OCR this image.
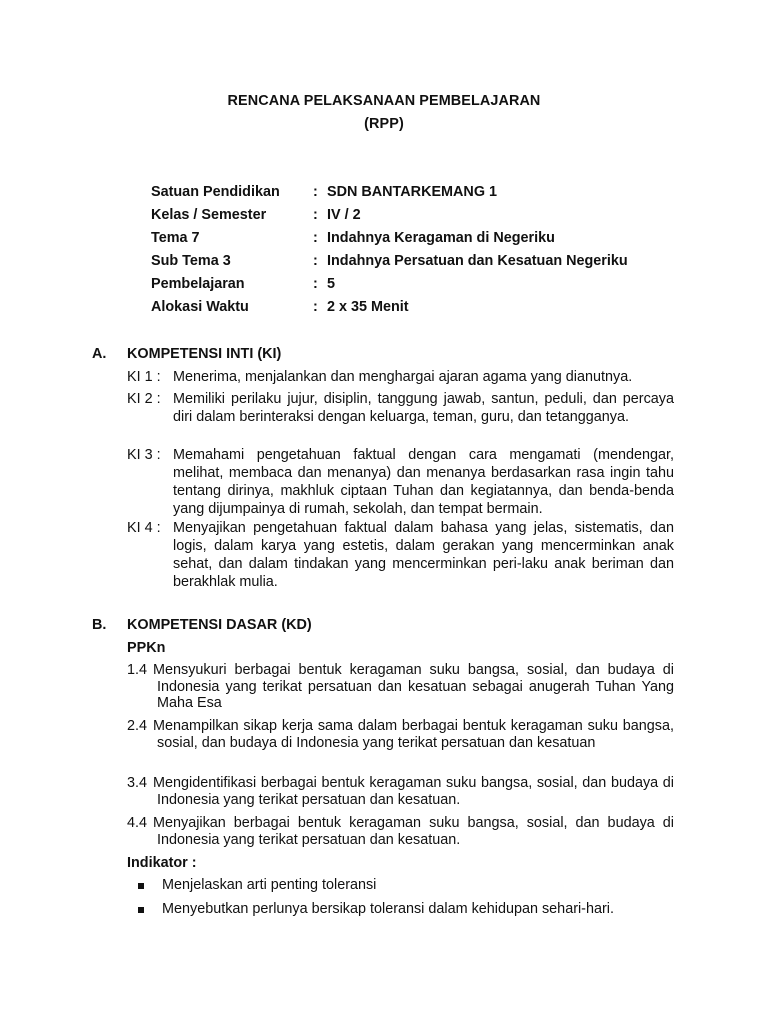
RENCANA PELAKSANAAN PEMBELAJARAN
(RPP)
Satuan Pendidikan : SDN BANTARKEMANG 1
Kelas / Semester	: IV / 2
Tema 7	: Indahnya Keragaman di Negeriku
Sub Tema 3	: Indahnya Persatuan dan Kesatuan Negeriku
Pembelajaran	: 5
Alokasi Waktu	: 2 x 35 Menit
A. KOMPETENSI INTI (KI)
KI 1 : Menerima, menjalankan dan menghargai ajaran agama yang dianutnya.
KI 2 : Memiliki perilaku jujur, disiplin, tanggung jawab, santun, peduli, dan percaya diri dalam berinteraksi dengan keluarga, teman, guru, dan tetangganya.
KI 3 : Memahami pengetahuan faktual dengan cara mengamati (mendengar, melihat, membaca dan menanya) dan menanya berdasarkan rasa ingin tahu tentang dirinya, makhluk ciptaan Tuhan dan kegiatannya, dan benda-benda yang dijumpainya di rumah, sekolah, dan tempat bermain.
KI 4 : Menyajikan pengetahuan faktual dalam bahasa yang jelas, sistematis, dan logis, dalam karya yang estetis, dalam gerakan yang mencerminkan anak sehat, dan dalam tindakan yang mencerminkan peri-laku anak beriman dan berakhlak mulia.
B. KOMPETENSI DASAR (KD)
PPKn
1.4 Mensyukuri berbagai bentuk keragaman suku bangsa, sosial, dan budaya di Indonesia yang terikat persatuan dan kesatuan sebagai anugerah Tuhan Yang Maha Esa
2.4 Menampilkan sikap kerja sama dalam berbagai bentuk keragaman suku bangsa, sosial, dan budaya di Indonesia yang terikat persatuan dan kesatuan
3.4 Mengidentifikasi berbagai bentuk keragaman suku bangsa, sosial, dan budaya di Indonesia yang terikat persatuan dan kesatuan.
4.4 Menyajikan berbagai bentuk keragaman suku bangsa, sosial, dan budaya di Indonesia yang terikat persatuan dan kesatuan.
Indikator :
Menjelaskan arti penting toleransi
Menyebutkan perlunya bersikap toleransi dalam kehidupan sehari-hari.
